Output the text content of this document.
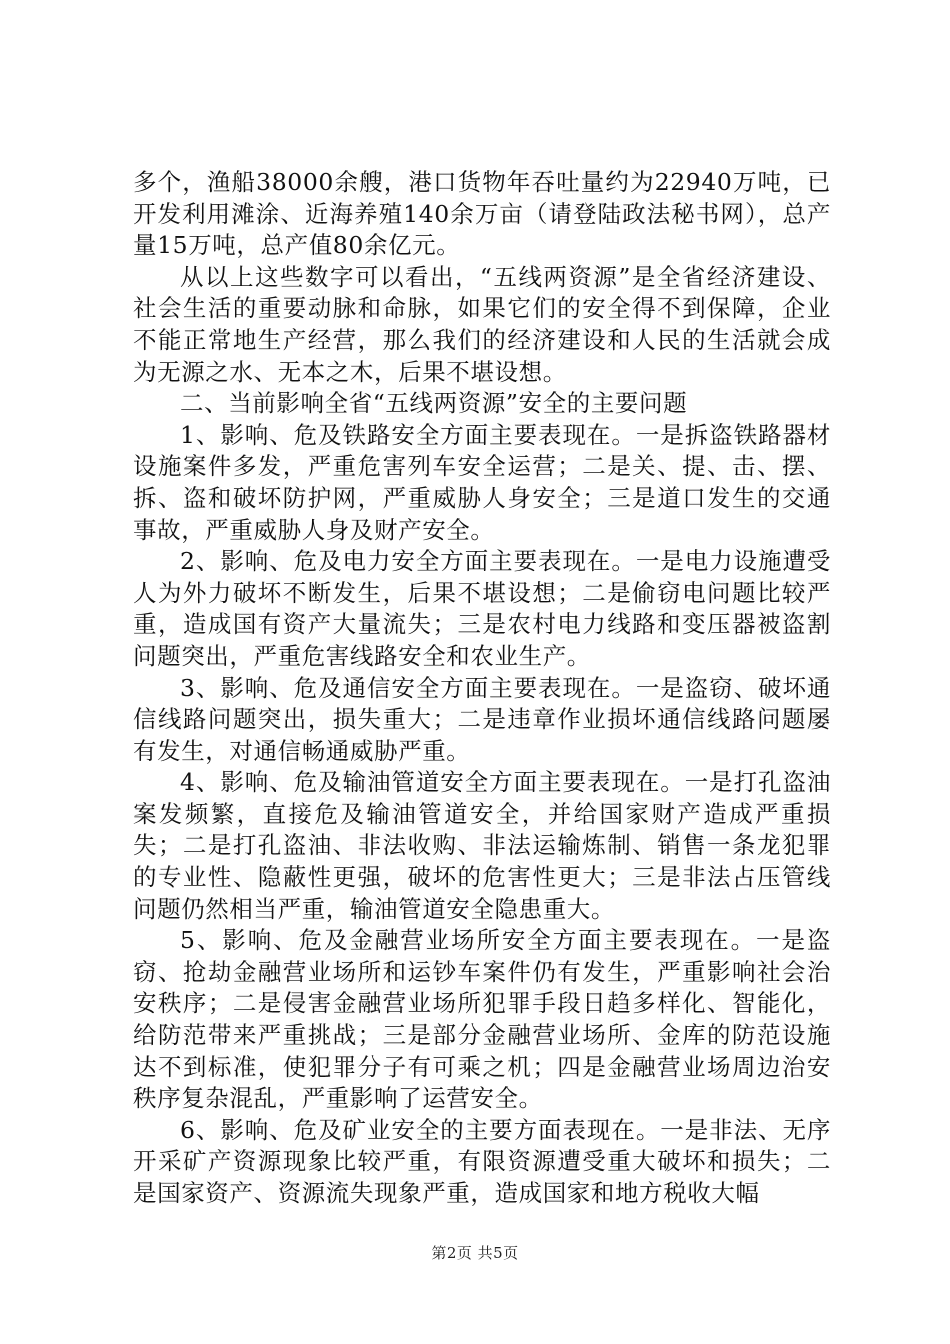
多个，渔船38000余艘，港口货物年吞吐量约为22940万吨，已开发利用滩涂、近海养殖140余万亩（请登陆政法秘书网），总产量15万吨，总产值80余亿元。

从以上这些数字可以看出，“五线两资源”是全省经济建设、社会生活的重要动脉和命脉，如果它们的安全得不到保障，企业不能正常地生产经营，那么我们的经济建设和人民的生活就会成为无源之水、无本之木，后果不堪设想。

二、当前影响全省“五线两资源”安全的主要问题

1、影响、危及铁路安全方面主要表现在。一是拆盗铁路器材设施案件多发，严重危害列车安全运营；二是关、提、击、摆、拆、盗和破坏防护网，严重威胁人身安全；三是道口发生的交通事故，严重威胁人身及财产安全。

2、影响、危及电力安全方面主要表现在。一是电力设施遭受人为外力破坏不断发生，后果不堪设想；二是偷窃电问题比较严重，造成国有资产大量流失；三是农村电力线路和变压器被盗割问题突出，严重危害线路安全和农业生产。

3、影响、危及通信安全方面主要表现在。一是盗窃、破坏通信线路问题突出，损失重大；二是违章作业损坏通信线路问题屡有发生，对通信畅通威胁严重。

4、影响、危及输油管道安全方面主要表现在。一是打孔盗油案发频繁，直接危及输油管道安全，并给国家财产造成严重损失；二是打孔盗油、非法收购、非法运输炼制、销售一条龙犯罪的专业性、隐蔽性更强，破坏的危害性更大；三是非法占压管线问题仍然相当严重，输油管道安全隐患重大。

5、影响、危及金融营业场所安全方面主要表现在。一是盗窃、抢劫金融营业场所和运钞车案件仍有发生，严重影响社会治安秩序；二是侵害金融营业场所犯罪手段日趋多样化、智能化，给防范带来严重挑战；三是部分金融营业场所、金库的防范设施达不到标准，使犯罪分子有可乘之机；四是金融营业场周边治安秩序复杂混乱，严重影响了运营安全。

6、影响、危及矿业安全的主要方面表现在。一是非法、无序开采矿产资源现象比较严重，有限资源遭受重大破坏和损失；二是国家资产、资源流失现象严重，造成国家和地方税收大幅

第2页 共5页
